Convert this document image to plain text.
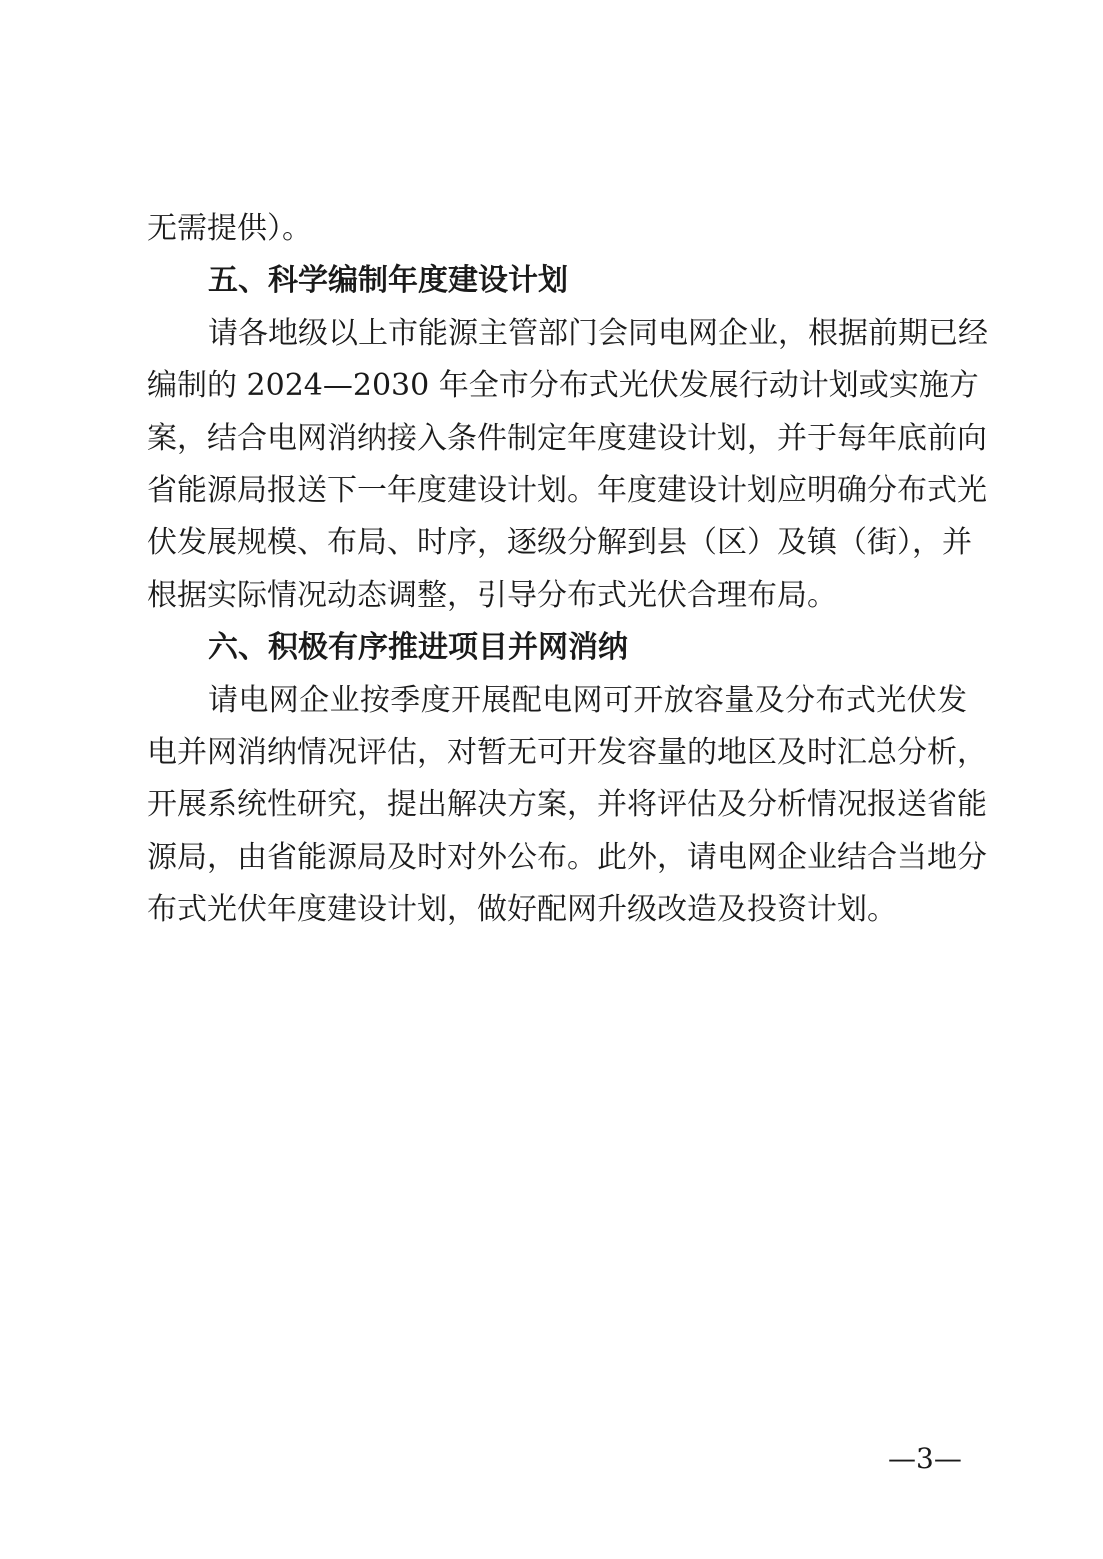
无需提供）。
五、科学编制年度建设计划
请各地级以上市能源主管部门会同电网企业，根据前期已经
编制的 2024—2030 年全市分布式光伏发展行动计划或实施方
案，结合电网消纳接入条件制定年度建设计划，并于每年底前向
省能源局报送下一年度建设计划。年度建设计划应明确分布式光
伏发展规模、布局、时序，逐级分解到县（区）及镇（街），并
根据实际情况动态调整，引导分布式光伏合理布局。
六、积极有序推进项目并网消纳
请电网企业按季度开展配电网可开放容量及分布式光伏发
电并网消纳情况评估，对暂无可开发容量的地区及时汇总分析，
开展系统性研究，提出解决方案，并将评估及分析情况报送省能
源局，由省能源局及时对外公布。此外，请电网企业结合当地分
布式光伏年度建设计划，做好配网升级改造及投资计划。
—3—
